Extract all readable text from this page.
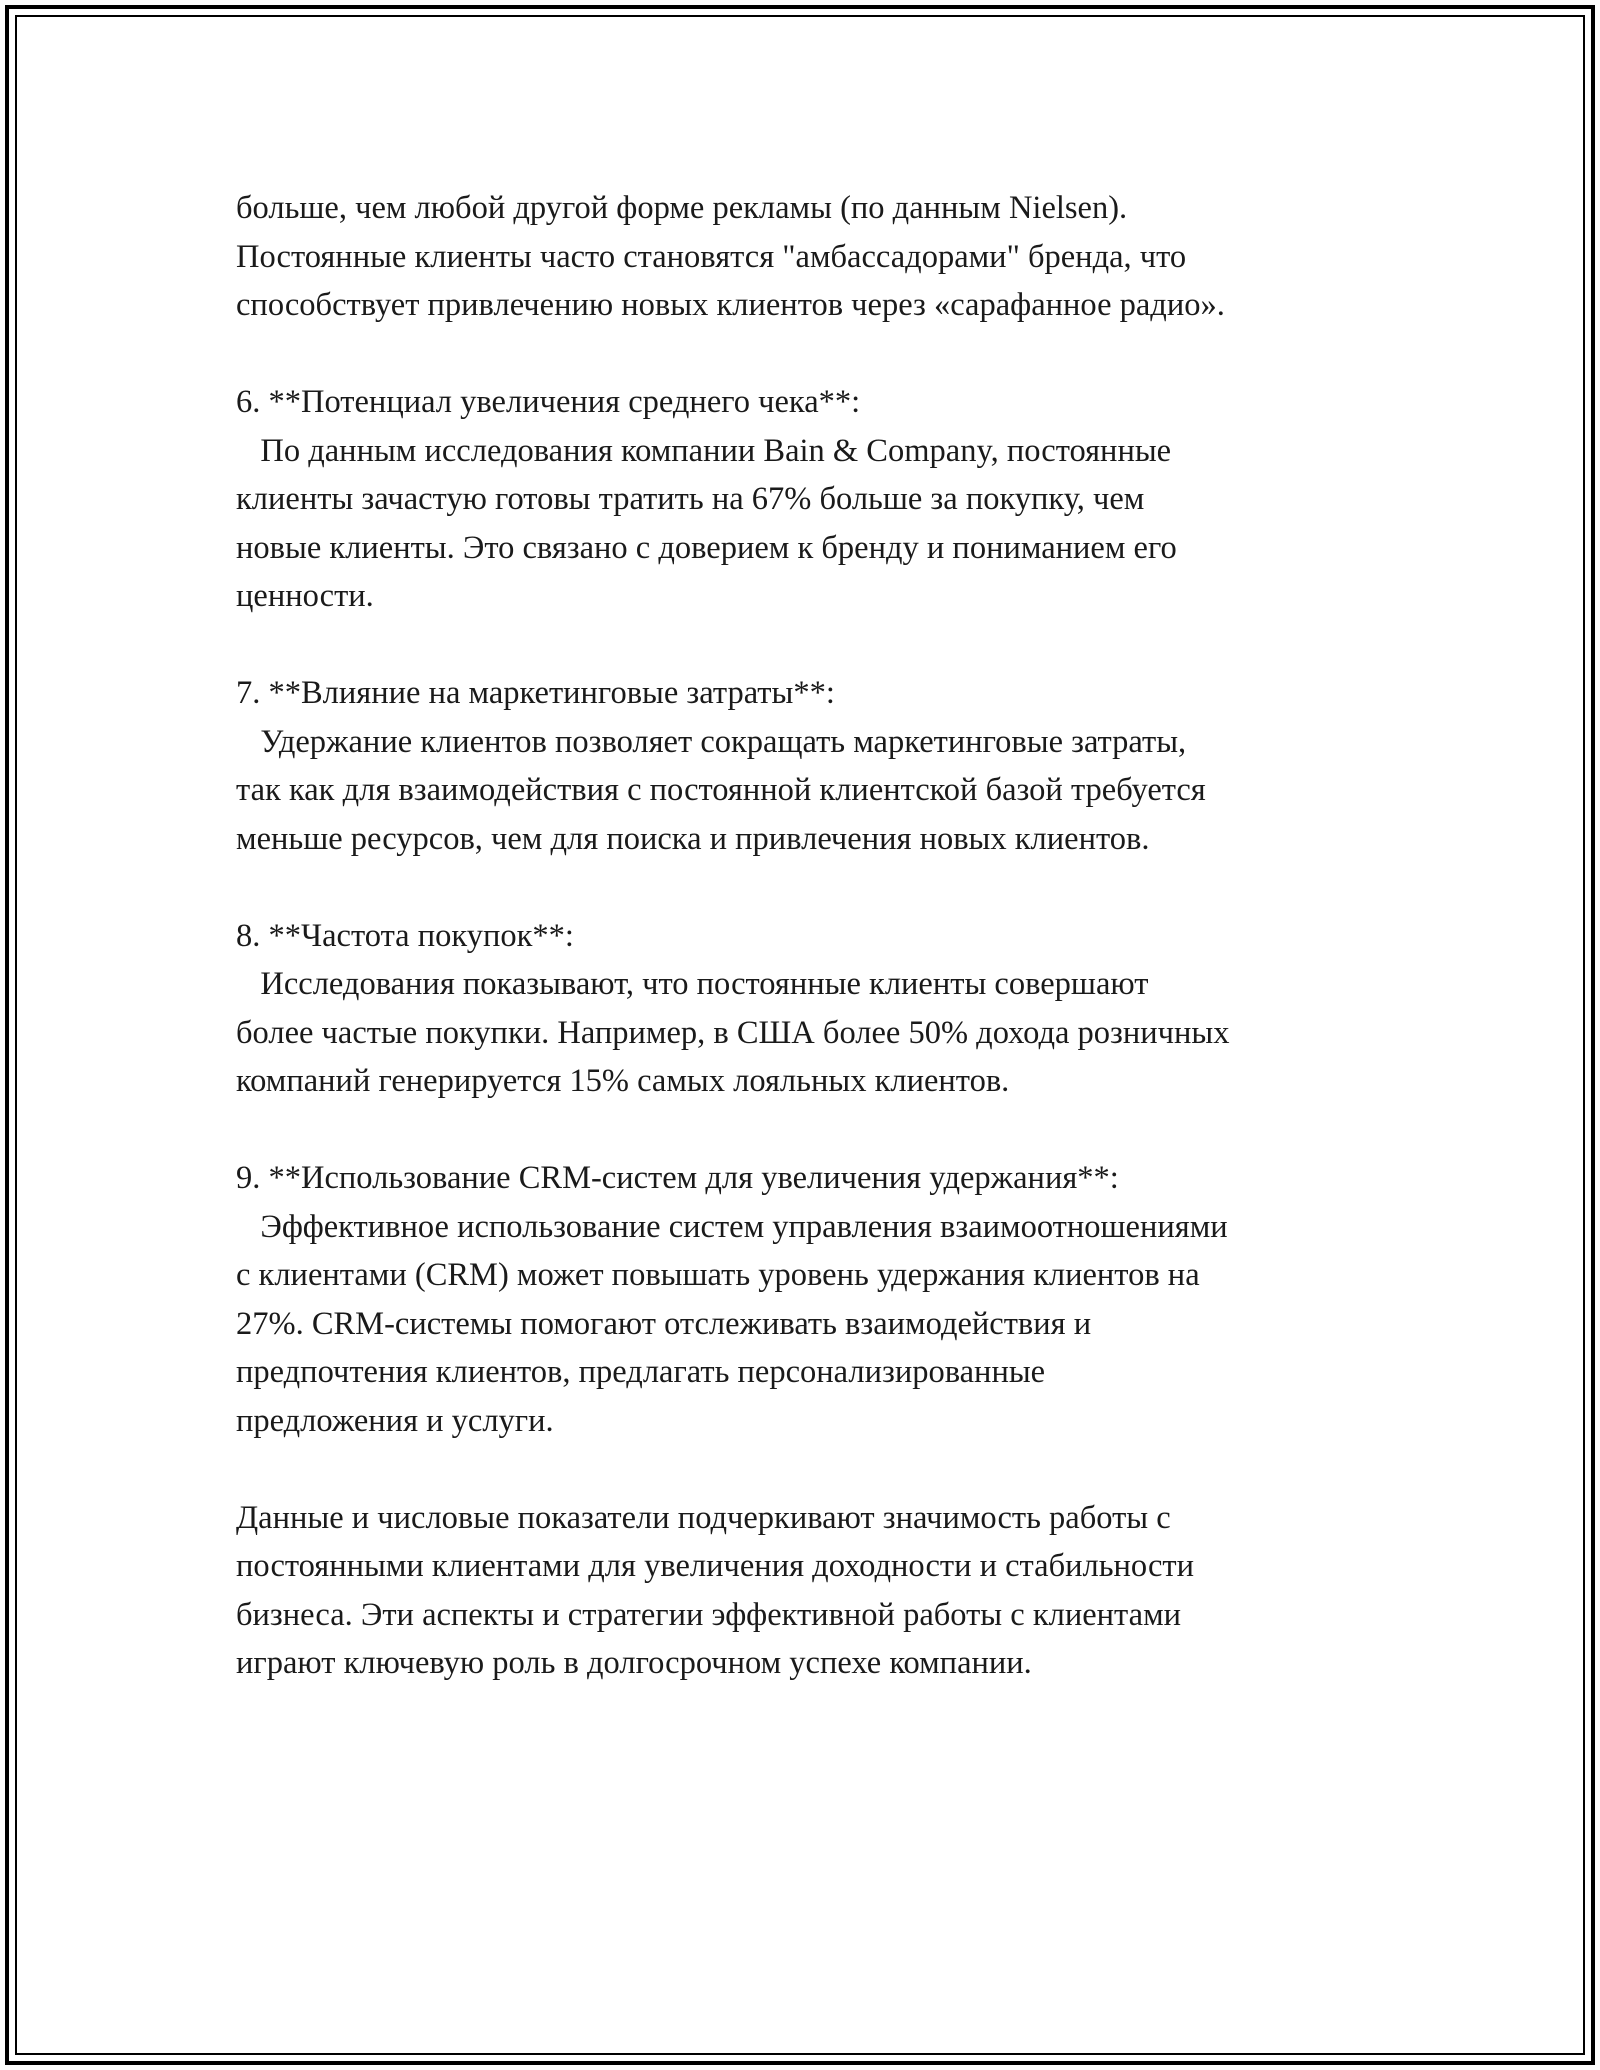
больше, чем любой другой форме рекламы (по данным Nielsen).
Постоянные клиенты часто становятся "амбассадорами" бренда, что
способствует привлечению новых клиентов через «сарафанное радио».
6. **Потенциал увеличения среднего чека**:
По данным исследования компании Bain & Company, постоянные
клиенты зачастую готовы тратить на 67% больше за покупку, чем
новые клиенты. Это связано с доверием к бренду и пониманием его
ценности.
7. **Влияние на маркетинговые затраты**:
Удержание клиентов позволяет сокращать маркетинговые затраты,
так как для взаимодействия с постоянной клиентской базой требуется
меньше ресурсов, чем для поиска и привлечения новых клиентов.
8. **Частота покупок**:
Исследования показывают, что постоянные клиенты совершают
более частые покупки. Например, в США более 50% дохода розничных
компаний генерируется 15% самых лояльных клиентов.
9. **Использование CRM-систем для увеличения удержания**:
Эффективное использование систем управления взаимоотношениями
с клиентами (CRM) может повышать уровень удержания клиентов на
27%. CRM-системы помогают отслеживать взаимодействия и
предпочтения клиентов, предлагать персонализированные
предложения и услуги.
Данные и числовые показатели подчеркивают значимость работы с
постоянными клиентами для увеличения доходности и стабильности
бизнеса. Эти аспекты и стратегии эффективной работы с клиентами
играют ключевую роль в долгосрочном успехе компании.
